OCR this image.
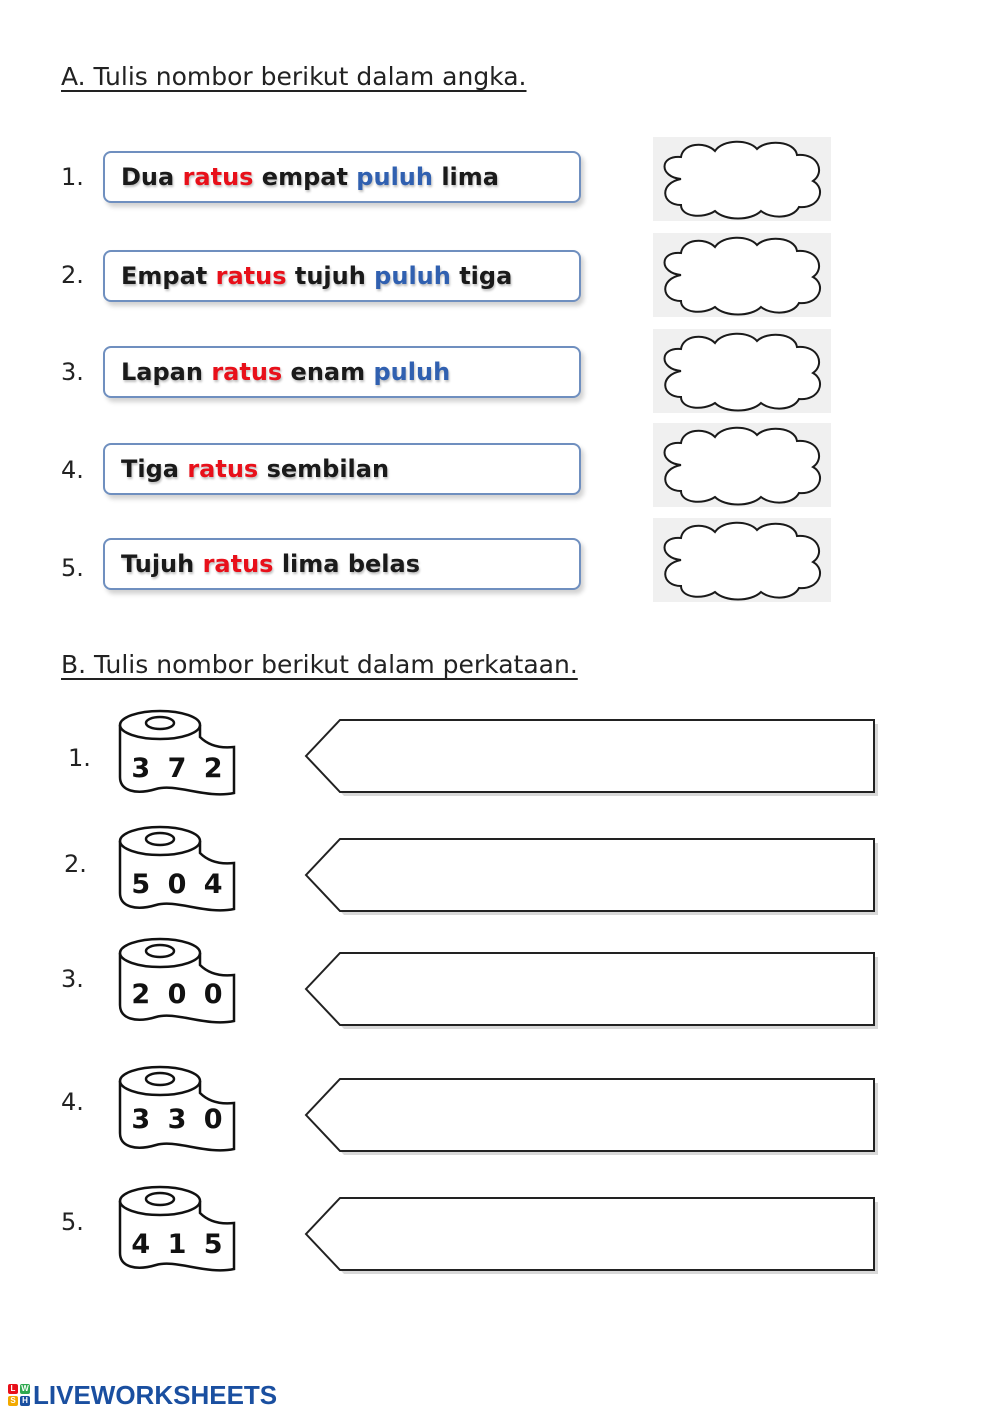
A. Tulis nombor berikut dalam angka.
1. Dua
ratus
empat
puluh
lima
2. Empat
ratus
tujuh
puluh
tiga
3. Lapan
ratus
enam
puluh
4. Tiga
ratus
sembilan
5. Tujuh
ratus
lima
belas
B. Tulis nombor berikut dalam perkataan.
1. 3 7 2
2.
5 0 4
3. 2 0 0
4.
3 3 0
5.
4 1 5
L W
S H LIVEWORKSHEETS
